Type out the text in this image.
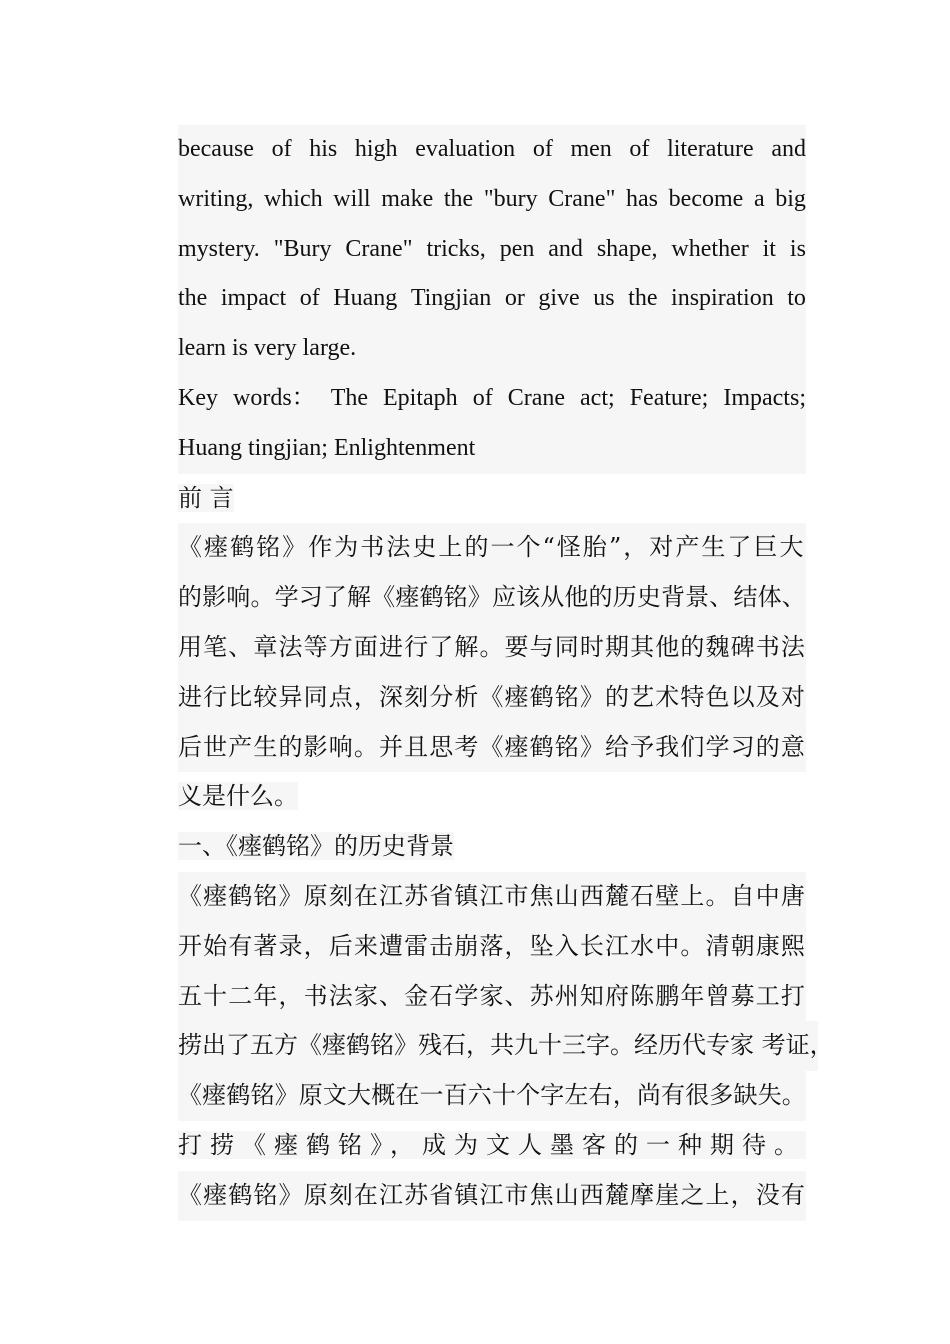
because of his high evaluation of men of literature and
writing, which will make the "bury Crane" has become a big
mystery. "Bury Crane" tricks, pen and shape, whether it is
the impact of Huang Tingjian or give us the inspiration to
learn is very large.
Key words： The Epitaph of Crane act; Feature; Impacts;
Huang tingjian; Enlightenment
前 言
《瘗鹤铭》作为书法史上的一个“怪胎”，对产生了巨大
的影响。学习了解《瘗鹤铭》应该从他的历史背景、结体、
用笔、章法等方面进行了解。要与同时期其他的魏碑书法
进行比较异同点，深刻分析《瘗鹤铭》的艺术特色以及对
后世产生的影响。并且思考《瘗鹤铭》给予我们学习的意
义是什么。
一、《瘗鹤铭》的历史背景
《瘗鹤铭》原刻在江苏省镇江市焦山西麓石壁上。自中唐
开始有著录，后来遭雷击崩落，坠入长江水中。清朝康熙
五十二年，书法家、金石学家、苏州知府陈鹏年曾募工打
捞出了五方《瘗鹤铭》残石，共九十三字。经历代专家 考证，
《瘗鹤铭》原文大概在一百六十个字左右，尚有很多缺失。
打捞《瘗鹤铭》，成为文人墨客的一种期待。
《瘗鹤铭》原刻在江苏省镇江市焦山西麓摩崖之上，没有
